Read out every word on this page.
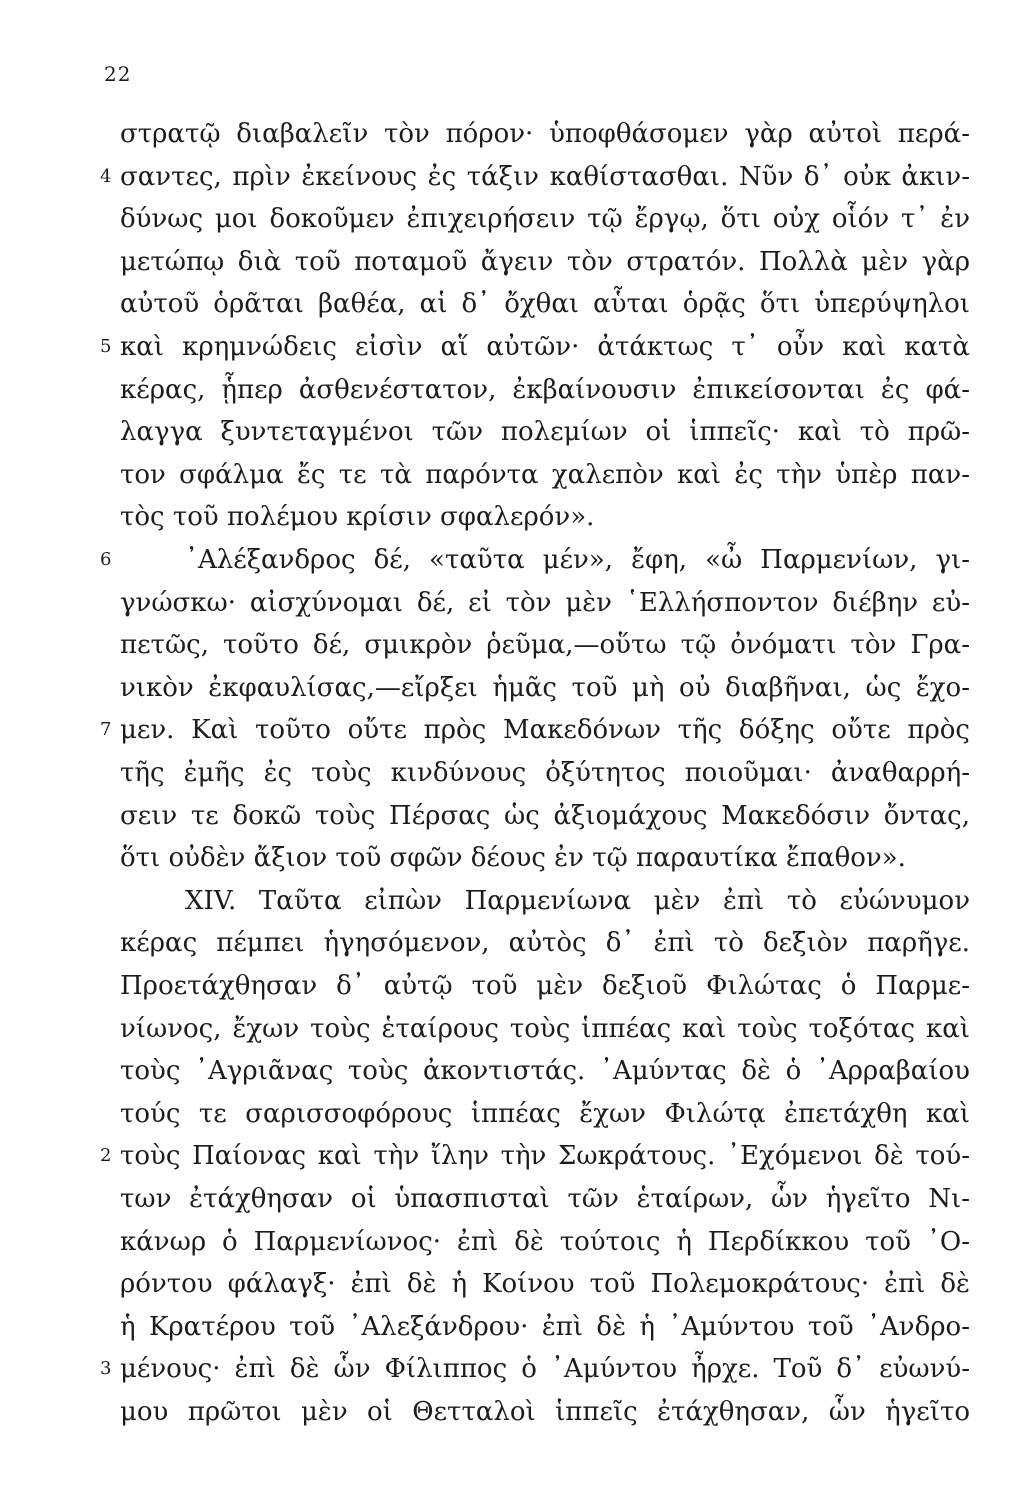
22
στρατῷ διαβαλεῖν τὸν πόρον· ὑποφθάσομεν γὰρ αὐτοὶ περά-
4 σαντες, πρὶν ἐκείνους ἐς τάξιν καθίστασθαι. Νῦν δ᾽ οὐκ ἀκιν-
δύνως μοι δοκοῦμεν ἐπιχειρήσειν τῷ ἔργῳ, ὅτι οὐχ οἷόν τ᾽ ἐν
μετώπῳ διὰ τοῦ ποταμοῦ ἄγειν τὸν στρατόν. Πολλὰ μὲν γὰρ
αὐτοῦ ὁρᾶται βαθέα, αἱ δ᾽ ὄχθαι αὗται ὁρᾷς ὅτι ὑπερύψηλοι
5 καὶ κρημνώδεις εἰσὶν αἵ αὐτῶν· ἀτάκτως τ᾽ οὖν καὶ κατὰ
κέρας, ᾗπερ ἀσθενέστατον, ἐκβαίνουσιν ἐπικείσονται ἐς φά-
λαγγα ξυντεταγμένοι τῶν πολεμίων οἱ ἱππεῖς· καὶ τὸ πρῶ-
τον σφάλμα ἔς τε τὰ παρόντα χαλεπὸν καὶ ἐς τὴν ὑπὲρ παν-
τὸς τοῦ πολέμου κρίσιν σφαλερόν».
6	᾽Αλέξανδρος δέ, «ταῦτα μέν», ἔφη, «ὦ Παρμενίων, γι-
γνώσκω· αἰσχύνομαι δέ, εἰ τὸν μὲν ῾Ελλήσποντον διέβην εὐ-
πετῶς, τοῦτο δέ, σμικρὸν ῥεῦμα,—οὕτω τῷ ὀνόματι τὸν Γρα-
νικὸν ἐκφαυλίσας,—εἴρξει ἡμᾶς τοῦ μὴ οὐ διαβῆναι, ὡς ἔχο-
7 μεν. Καὶ τοῦτο οὔτε πρὸς Μακεδόνων τῆς δόξης οὔτε πρὸς
τῆς ἐμῆς ἐς τοὺς κινδύνους ὀξύτητος ποιοῦμαι· ἀναθαρρή-
σειν τε δοκῶ τοὺς Πέρσας ὡς ἀξιομάχους Μακεδόσιν ὄντας,
ὅτι οὐδὲν ἄξιον τοῦ σφῶν δέους ἐν τῷ παραυτίκα ἔπαθον».
XIV. Ταῦτα εἰπὼν Παρμενίωνα μὲν ἐπὶ τὸ εὐώνυμον
κέρας πέμπει ἡγησόμενον, αὐτὸς δ᾽ ἐπὶ τὸ δεξιὸν παρῆγε.
Προετάχθησαν δ᾽ αὐτῷ τοῦ μὲν δεξιοῦ Φιλώτας ὁ Παρμε-
νίωνος, ἔχων τοὺς ἑταίρους τοὺς ἱππέας καὶ τοὺς τοξότας καὶ
τοὺς ᾽Αγριᾶνας τοὺς ἀκοντιστάς. ᾽Αμύντας δὲ ὁ ᾽Αρραβαίου
τούς τε σαρισσοφόρους ἱππέας ἔχων Φιλώτᾳ ἐπετάχθη καὶ
2 τοὺς Παίονας καὶ τὴν ἴλην τὴν Σωκράτους. ᾽Εχόμενοι δὲ τού-
των ἐτάχθησαν οἱ ὑπασπισταὶ τῶν ἑταίρων, ὧν ἡγεῖτο Νι-
κάνωρ ὁ Παρμενίωνος· ἐπὶ δὲ τούτοις ἡ Περδίκκου τοῦ ᾽Ο-
ρόντου φάλαγξ· ἐπὶ δὲ ἡ Κοίνου τοῦ Πολεμοκράτους· ἐπὶ δὲ
ἡ Κρατέρου τοῦ ᾽Αλεξάνδρου· ἐπὶ δὲ ἡ ᾽Αμύντου τοῦ ᾽Ανδρο-
3 μένους· ἐπὶ δὲ ὧν Φίλιππος ὁ ᾽Αμύντου ἦρχε. Τοῦ δ᾽ εὐωνύ-
μου πρῶτοι μὲν οἱ Θετταλοὶ ἱππεῖς ἐτάχθησαν, ὧν ἡγεῖτο
